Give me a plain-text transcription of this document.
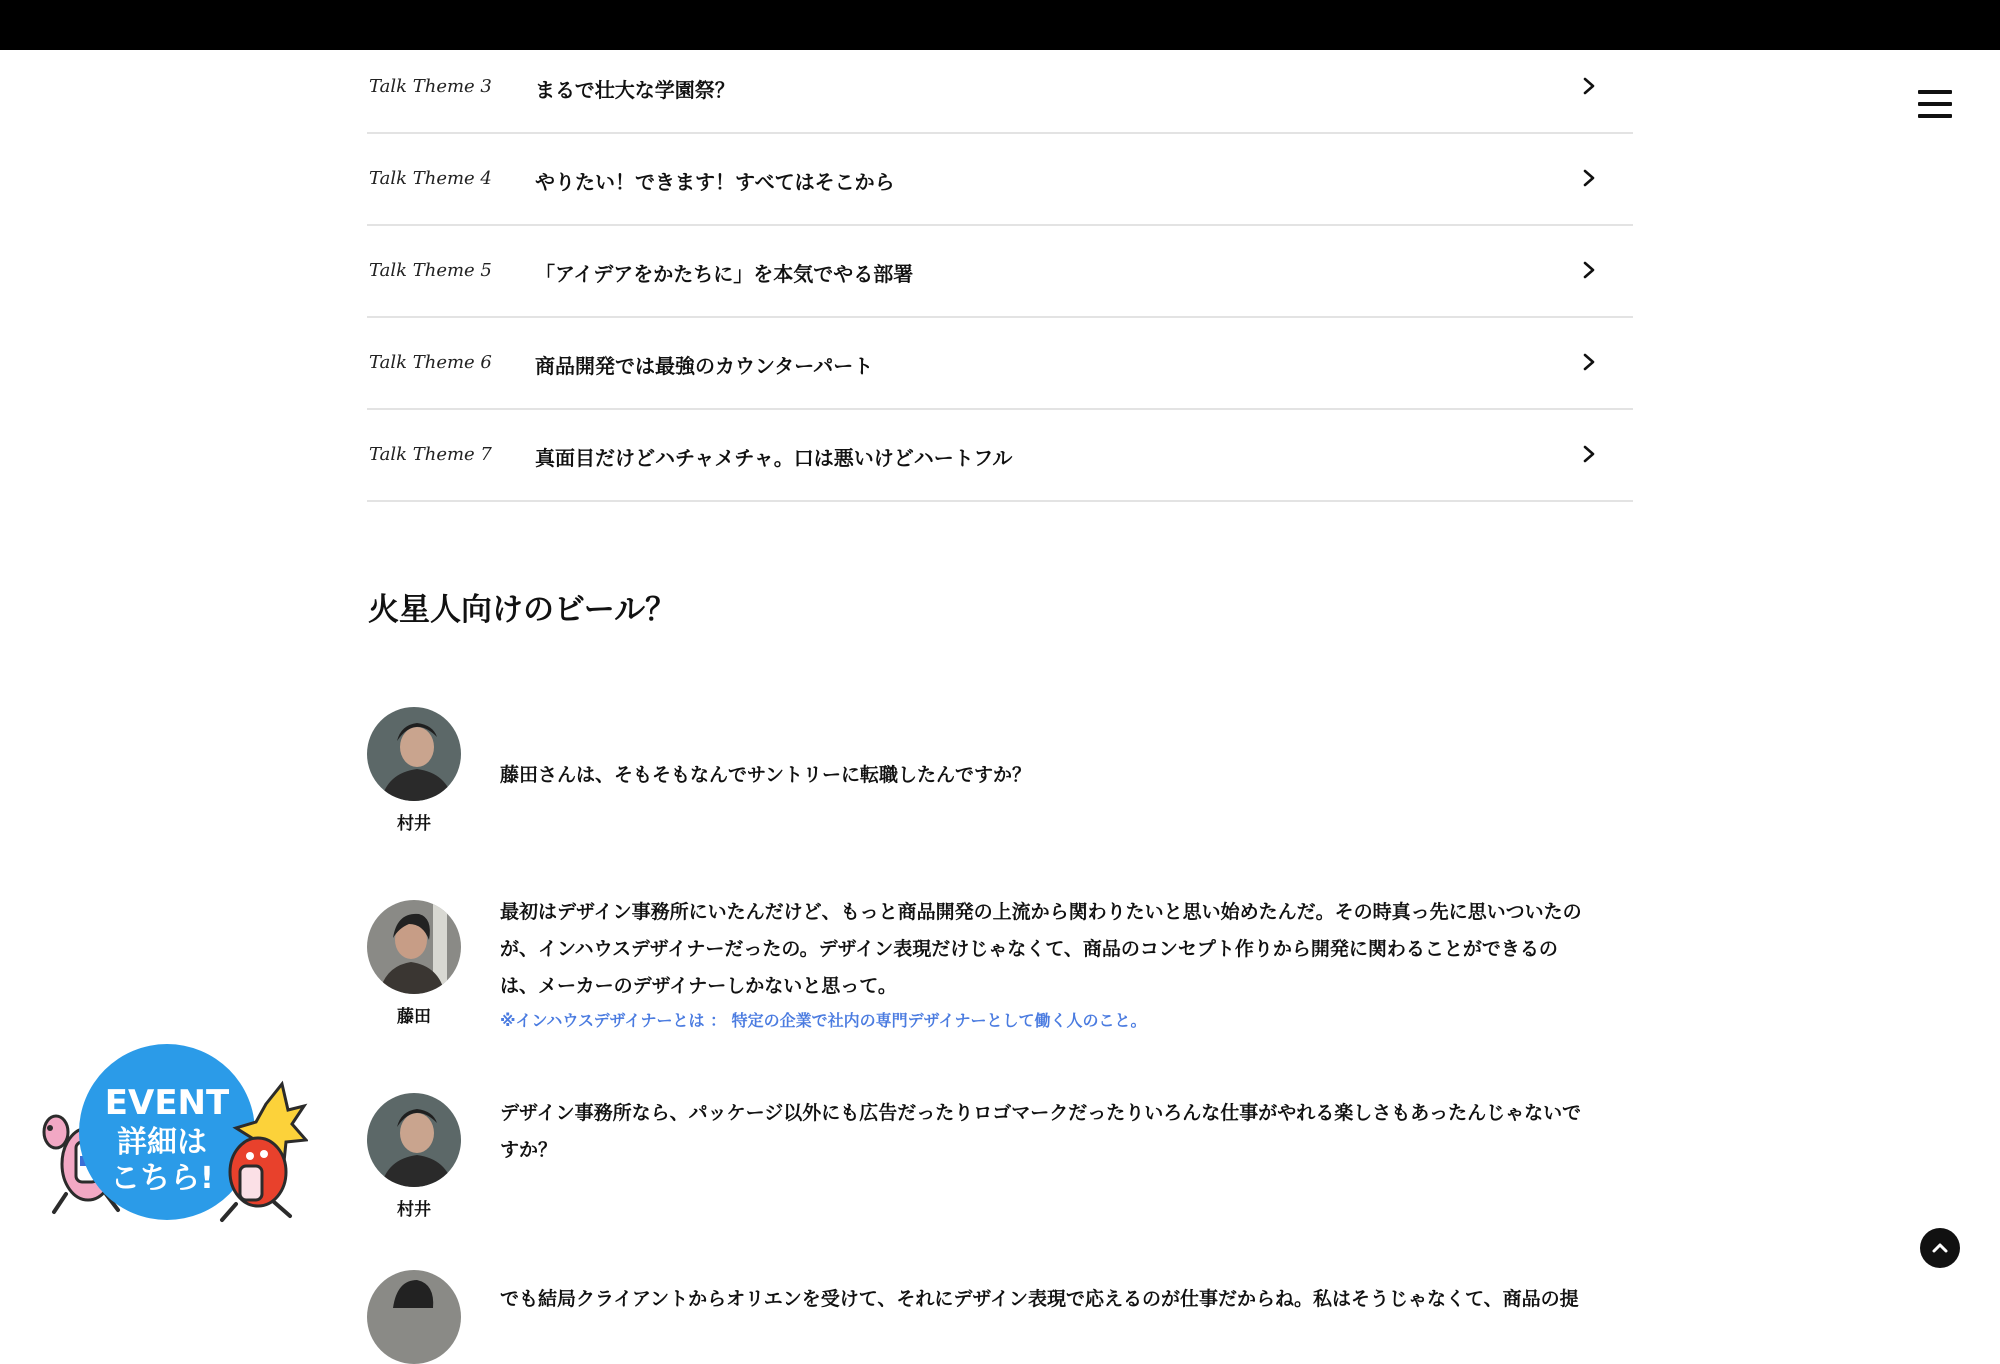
Talk Theme 3 まるで壮大な学園祭？
Talk Theme 4 やりたい！できます！すべてはそこから
Talk Theme 5 「アイデアをかたちに」を本気でやる部署
Talk Theme 6 商品開発では最強のカウンターパート
Talk Theme 7 真面目だけどハチャメチャ。口は悪いけどハートフル
火星人向けのビール？
村井

藤田さんは、そもそもなんでサントリーに転職したんですか？

藤田

最初はデザイン事務所にいたんだけど、もっと商品開発の上流から関わりたいと思い始めたんだ。その時真っ先に思いついたの
が、インハウスデザイナーだったの。デザイン表現だけじゃなくて、商品のコンセプト作りから開発に関わることができるの
は、メーカーのデザイナーしかないと思って。

※インハウスデザイナーとは ： 特定の企業で社内の専門デザイナーとして働く人のこと。
村井

デザイン事務所なら、パッケージ以外にも広告だったりロゴマークだったりいろんな仕事がやれる楽しさもあったんじゃないで
すか？

でも結局クライアントからオリエンを受けて、それにデザイン表現で応えるのが仕事だからね。私はそうじゃなくて、商品の提
EVENT
詳細は
こちら!
